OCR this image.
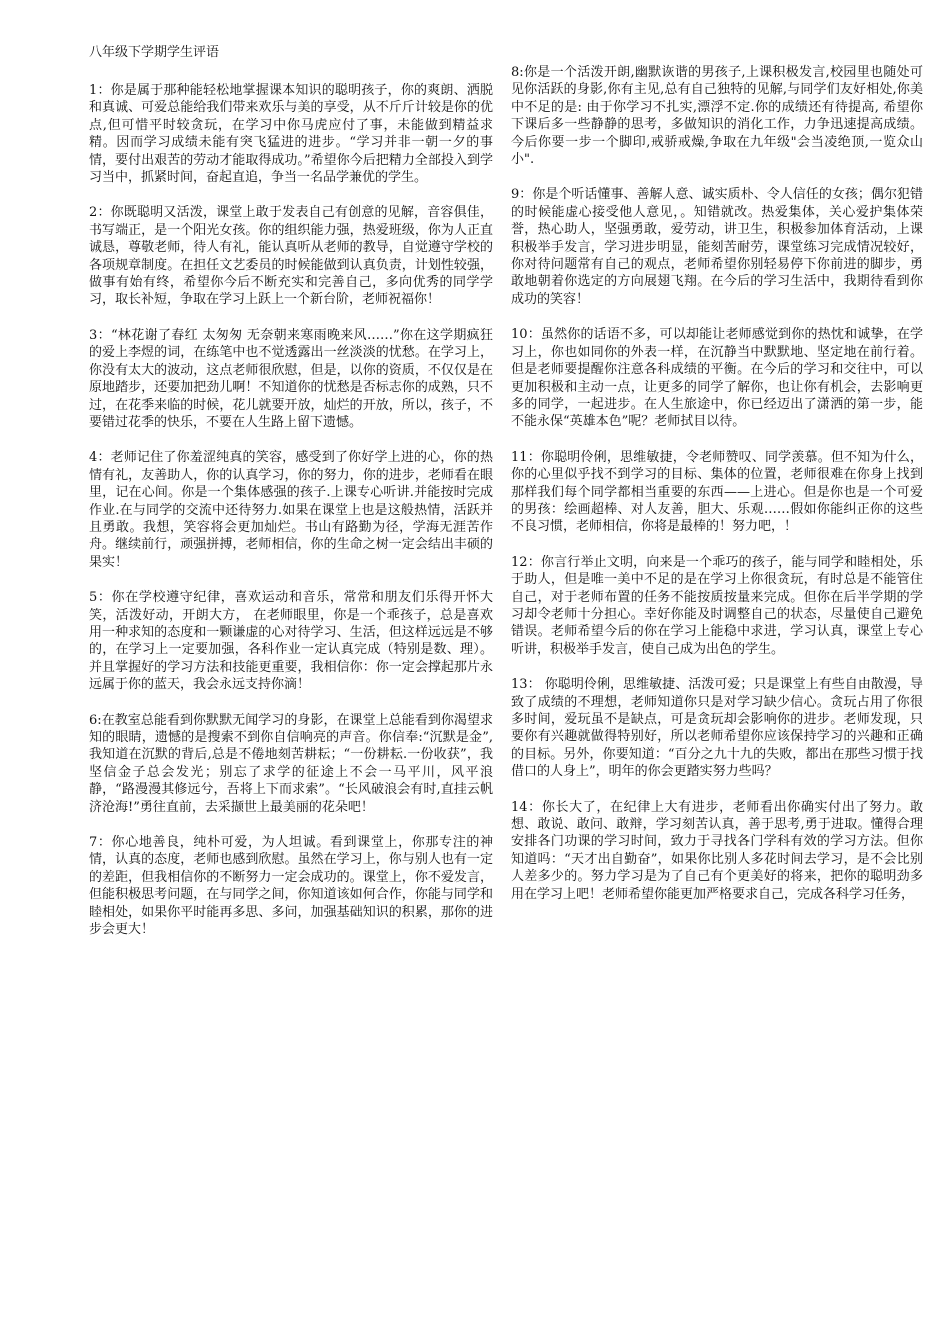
八年级下学期学生评语

1：你是属于那种能轻松地掌握课本知识的聪明孩子，你的爽朗、洒脱和真诚、可爱总能给我们带来欢乐与美的享受，从不斤斤计较是你的优点,但可惜平时较贪玩，在学习中你马虎应付了事，未能做到精益求精。因而学习成绩未能有突飞猛进的进步。“学习并非一朝一夕的事情，要付出艰苦的劳动才能取得成功。”希望你今后把精力全部投入到学习当中，抓紧时间，奋起直追，争当一名品学兼优的学生。

2：你既聪明又活泼，课堂上敢于发表自己有创意的见解，音容俱佳，书写端正，是一个阳光女孩。你的组织能力强，热爱班级，你为人正直诚恳，尊敬老师，待人有礼，能认真听从老师的教导，自觉遵守学校的各项规章制度。在担任文艺委员的时候能做到认真负责，计划性较强，做事有始有终，希望你今后不断充实和完善自己，多向优秀的同学学习，取长补短，争取在学习上跃上一个新台阶，老师祝福你！

3：“林花谢了春红 太匆匆 无奈朝来寒雨晚来风……”你在这学期疯狂的爱上李煜的词，在练笔中也不觉透露出一丝淡淡的忧愁。在学习上，你没有太大的波动，这点老师很欣慰，但是，以你的资质，不仅仅是在原地踏步，还要加把劲儿啊！不知道你的忧愁是否标志你的成熟，只不过，在花季来临的时候，花儿就要开放，灿烂的开放，所以，孩子，不要错过花季的快乐，不要在人生路上留下遗憾。

4：老师记住了你羞涩纯真的笑容，感受到了你好学上进的心，你的热情有礼，友善助人，你的认真学习，你的努力，你的进步，老师看在眼里，记在心间。你是一个集体感强的孩子.上课专心听讲.并能按时完成作业.在与同学的交流中还待努力.如果在课堂上也是这般热情，活跃并且勇敢。我想，笑容将会更加灿烂。书山有路勤为径，学海无涯苦作舟。继续前行，顽强拼搏，老师相信，你的生命之树一定会结出丰硕的果实！

5：你在学校遵守纪律，喜欢运动和音乐，常常和朋友们乐得开怀大笑，活泼好动，开朗大方， 在老师眼里，你是一个乖孩子，总是喜欢用一种求知的态度和一颗谦虚的心对待学习、生活，但这样远远是不够的，在学习上一定要加强，各科作业一定认真完成（特别是数、理）。并且掌握好的学习方法和技能更重要，我相信你：你一定会撑起那片永远属于你的蓝天，我会永远支持你滴！

6:在教室总能看到你默默无闻学习的身影，在课堂上总能看到你渴望求知的眼睛，遗憾的是搜索不到你自信响亮的声音。你信奉:“沉默是金”,我知道在沉默的背后,总是不倦地刻苦耕耘；“一份耕耘.一份收获”，我坚信金子总会发光；别忘了求学的征途上不会一马平川，风平浪静，“路漫漫其修远兮，吾将上下而求索”。“长风破浪会有时,直挂云帆济沧海!”勇往直前，去采撷世上最美丽的花朵吧！

7：你心地善良，纯朴可爱，为人坦诚。看到课堂上，你那专注的神情，认真的态度，老师也感到欣慰。虽然在学习上，你与别人也有一定的差距，但我相信你的不断努力一定会成功的。课堂上，你不爱发言，但能积极思考问题，在与同学之间，你知道该如何合作，你能与同学和睦相处，如果你平时能再多思、多问，加强基础知识的积累，那你的进步会更大！

8:你是一个活泼开朗,幽默诙谐的男孩子,上课积极发言,校园里也随处可见你活跃的身影,你有主见,总有自己独特的见解,与同学们友好相处,你美中不足的是: 由于你学习不扎实,漂浮不定.你的成绩还有待提高, 希望你下课后多一些静静的思考，多做知识的消化工作，力争迅速提高成绩。今后你要一步一个脚印,戒骄戒燥,争取在九年级"会当凌绝顶,一览众山小".

9：你是个听话懂事、善解人意、诚实质朴、令人信任的女孩；偶尔犯错的时候能虚心接受他人意见，。知错就改。热爱集体，关心爱护集体荣誉，热心助人，坚强勇敢，爱劳动，讲卫生，积极参加体育活动，上课积极举手发言，学习进步明显，能刻苦耐劳，课堂练习完成情况较好，你对待问题常有自己的观点，老师希望你别轻易停下你前进的脚步，勇敢地朝着你选定的方向展翅飞翔。在今后的学习生活中，我期待看到你成功的笑容！

10：虽然你的话语不多，可以却能让老师感觉到你的热忱和诚挚，在学习上，你也如同你的外表一样，在沉静当中默默地、坚定地在前行着。但是老师要提醒你注意各科成绩的平衡。在今后的学习和交往中，可以更加积极和主动一点，让更多的同学了解你，也让你有机会，去影响更多的同学，一起进步。在人生旅途中，你已经迈出了潇洒的第一步，能不能永保“英雄本色”呢？老师拭目以待。

11：你聪明伶俐，思维敏捷，令老师赞叹、同学羡慕。但不知为什么，你的心里似乎找不到学习的目标、集体的位置，老师很难在你身上找到那样我们每个同学都相当重要的东西——上进心。但是你也是一个可爱的男孩：绘画超棒、对人友善，胆大、乐观……假如你能纠正你的这些不良习惯，老师相信，你将是最棒的！努力吧，！

12：你言行举止文明，向来是一个乖巧的孩子，能与同学和睦相处，乐于助人，但是唯一美中不足的是在学习上你很贪玩，有时总是不能管住自己，对于老师布置的任务不能按质按量来完成。但你在后半学期的学习却令老师十分担心。幸好你能及时调整自己的状态，尽量使自己避免错误。老师希望今后的你在学习上能稳中求进，学习认真，课堂上专心听讲，积极举手发言，使自己成为出色的学生。

13： 你聪明伶俐，思维敏捷、活泼可爱；只是课堂上有些自由散漫，导致了成绩的不理想，老师知道你只是对学习缺少信心。贪玩占用了你很多时间，爱玩虽不是缺点，可是贪玩却会影响你的进步。老师发现，只要你有兴趣就做得特别好，所以老师希望你应该保持学习的兴趣和正确的目标。另外，你要知道：“百分之九十九的失败，都出在那些习惯于找借口的人身上”，明年的你会更踏实努力些吗？

14：你长大了，在纪律上大有进步，老师看出你确实付出了努力。敢想、敢说、敢问、敢辩，学习刻苦认真，善于思考,勇于进取。懂得合理安排各门功课的学习时间，致力于寻找各门学科有效的学习方法。但你知道吗：“天才出自勤奋”，如果你比别人多花时间去学习，是不会比别人差多少的。努力学习是为了自己有个更美好的将来，把你的聪明劲多用在学习上吧！老师希望你能更加严格要求自己，完成各科学习任务，
